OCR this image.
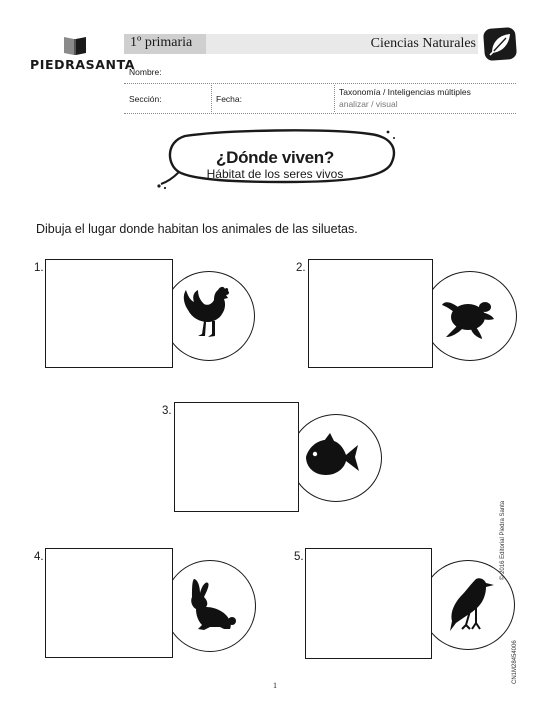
PIEDRASANTA
1º primaria	Ciencias Naturales
Nombre:
Sección:	Fecha:
Taxonomía / Inteligencias múltiples
analizar / visual
¿Dónde viven?
Hábitat de los seres vivos
Dibuja el lugar donde habitan los animales de las siluetas.
1.	2.
3.
4.	5.	© 2016 Editorial Piedra Santa
CN1M28454006
1
